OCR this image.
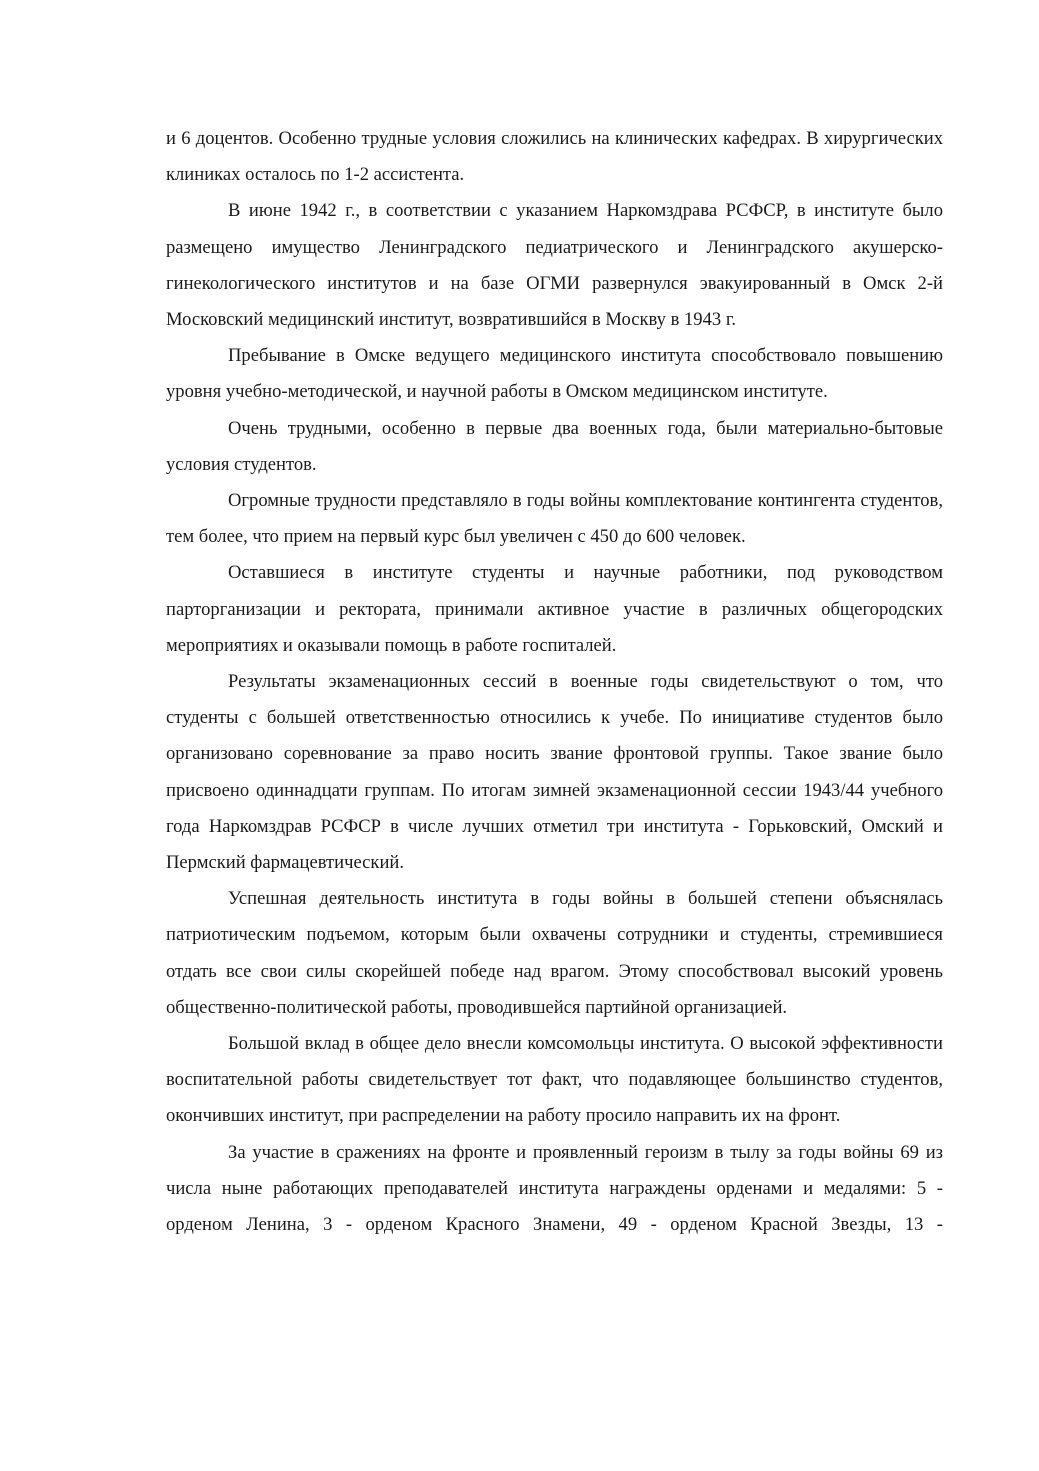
и 6 доцентов. Особенно трудные условия сложились на клинических кафедрах. В хирургических клиниках осталось по 1-2 ассистента.

В июне 1942 г., в соответствии с указанием Наркомздрава РСФСР, в институте было размещено имущество Ленинградского педиатрического и Ленинградского акушерско-гинекологического институтов и на базе ОГМИ развернулся эвакуированный в Омск 2-й Московский медицинский институт, возвратившийся в Москву в 1943 г.

Пребывание в Омске ведущего медицинского института способствовало повышению уровня учебно-методической, и научной работы в Омском медицинском институте.

Очень трудными, особенно в первые два военных года, были материально-бытовые условия студентов.

Огромные трудности представляло в годы войны комплектование контингента студентов, тем более, что прием на первый курс был увеличен с 450 до 600 человек.

Оставшиеся в институте студенты и научные работники, под руководством парторганизации и ректората, принимали активное участие в различных общегородских мероприятиях и оказывали помощь в работе госпиталей.

Результаты экзаменационных сессий в военные годы свидетельствуют о том, что студенты с большей ответственностью относились к учебе. По инициативе студентов было организовано соревнование за право носить звание фронтовой группы. Такое звание было присвоено одиннадцати группам. По итогам зимней экзаменационной сессии 1943/44 учебного года Наркомздрав РСФСР в числе лучших отметил три института - Горьковский, Омский и Пермский фармацевтический.

Успешная деятельность института в годы войны в большей степени объяснялась патриотическим подъемом, которым были охвачены сотрудники и студенты, стремившиеся отдать все свои силы скорейшей победе над врагом. Этому способствовал высокий уровень общественно-политической работы, проводившейся партийной организацией.

Большой вклад в общее дело внесли комсомольцы института. О высокой эффективности воспитательной работы свидетельствует тот факт, что подавляющее большинство студентов, окончивших институт, при распределении на работу просило направить их на фронт.

За участие в сражениях на фронте и проявленный героизм в тылу за годы войны 69 из числа ныне работающих преподавателей института награждены орденами и медалями: 5 - орденом Ленина, 3 - орденом Красного Знамени, 49 - орденом Красной Звезды, 13 -
